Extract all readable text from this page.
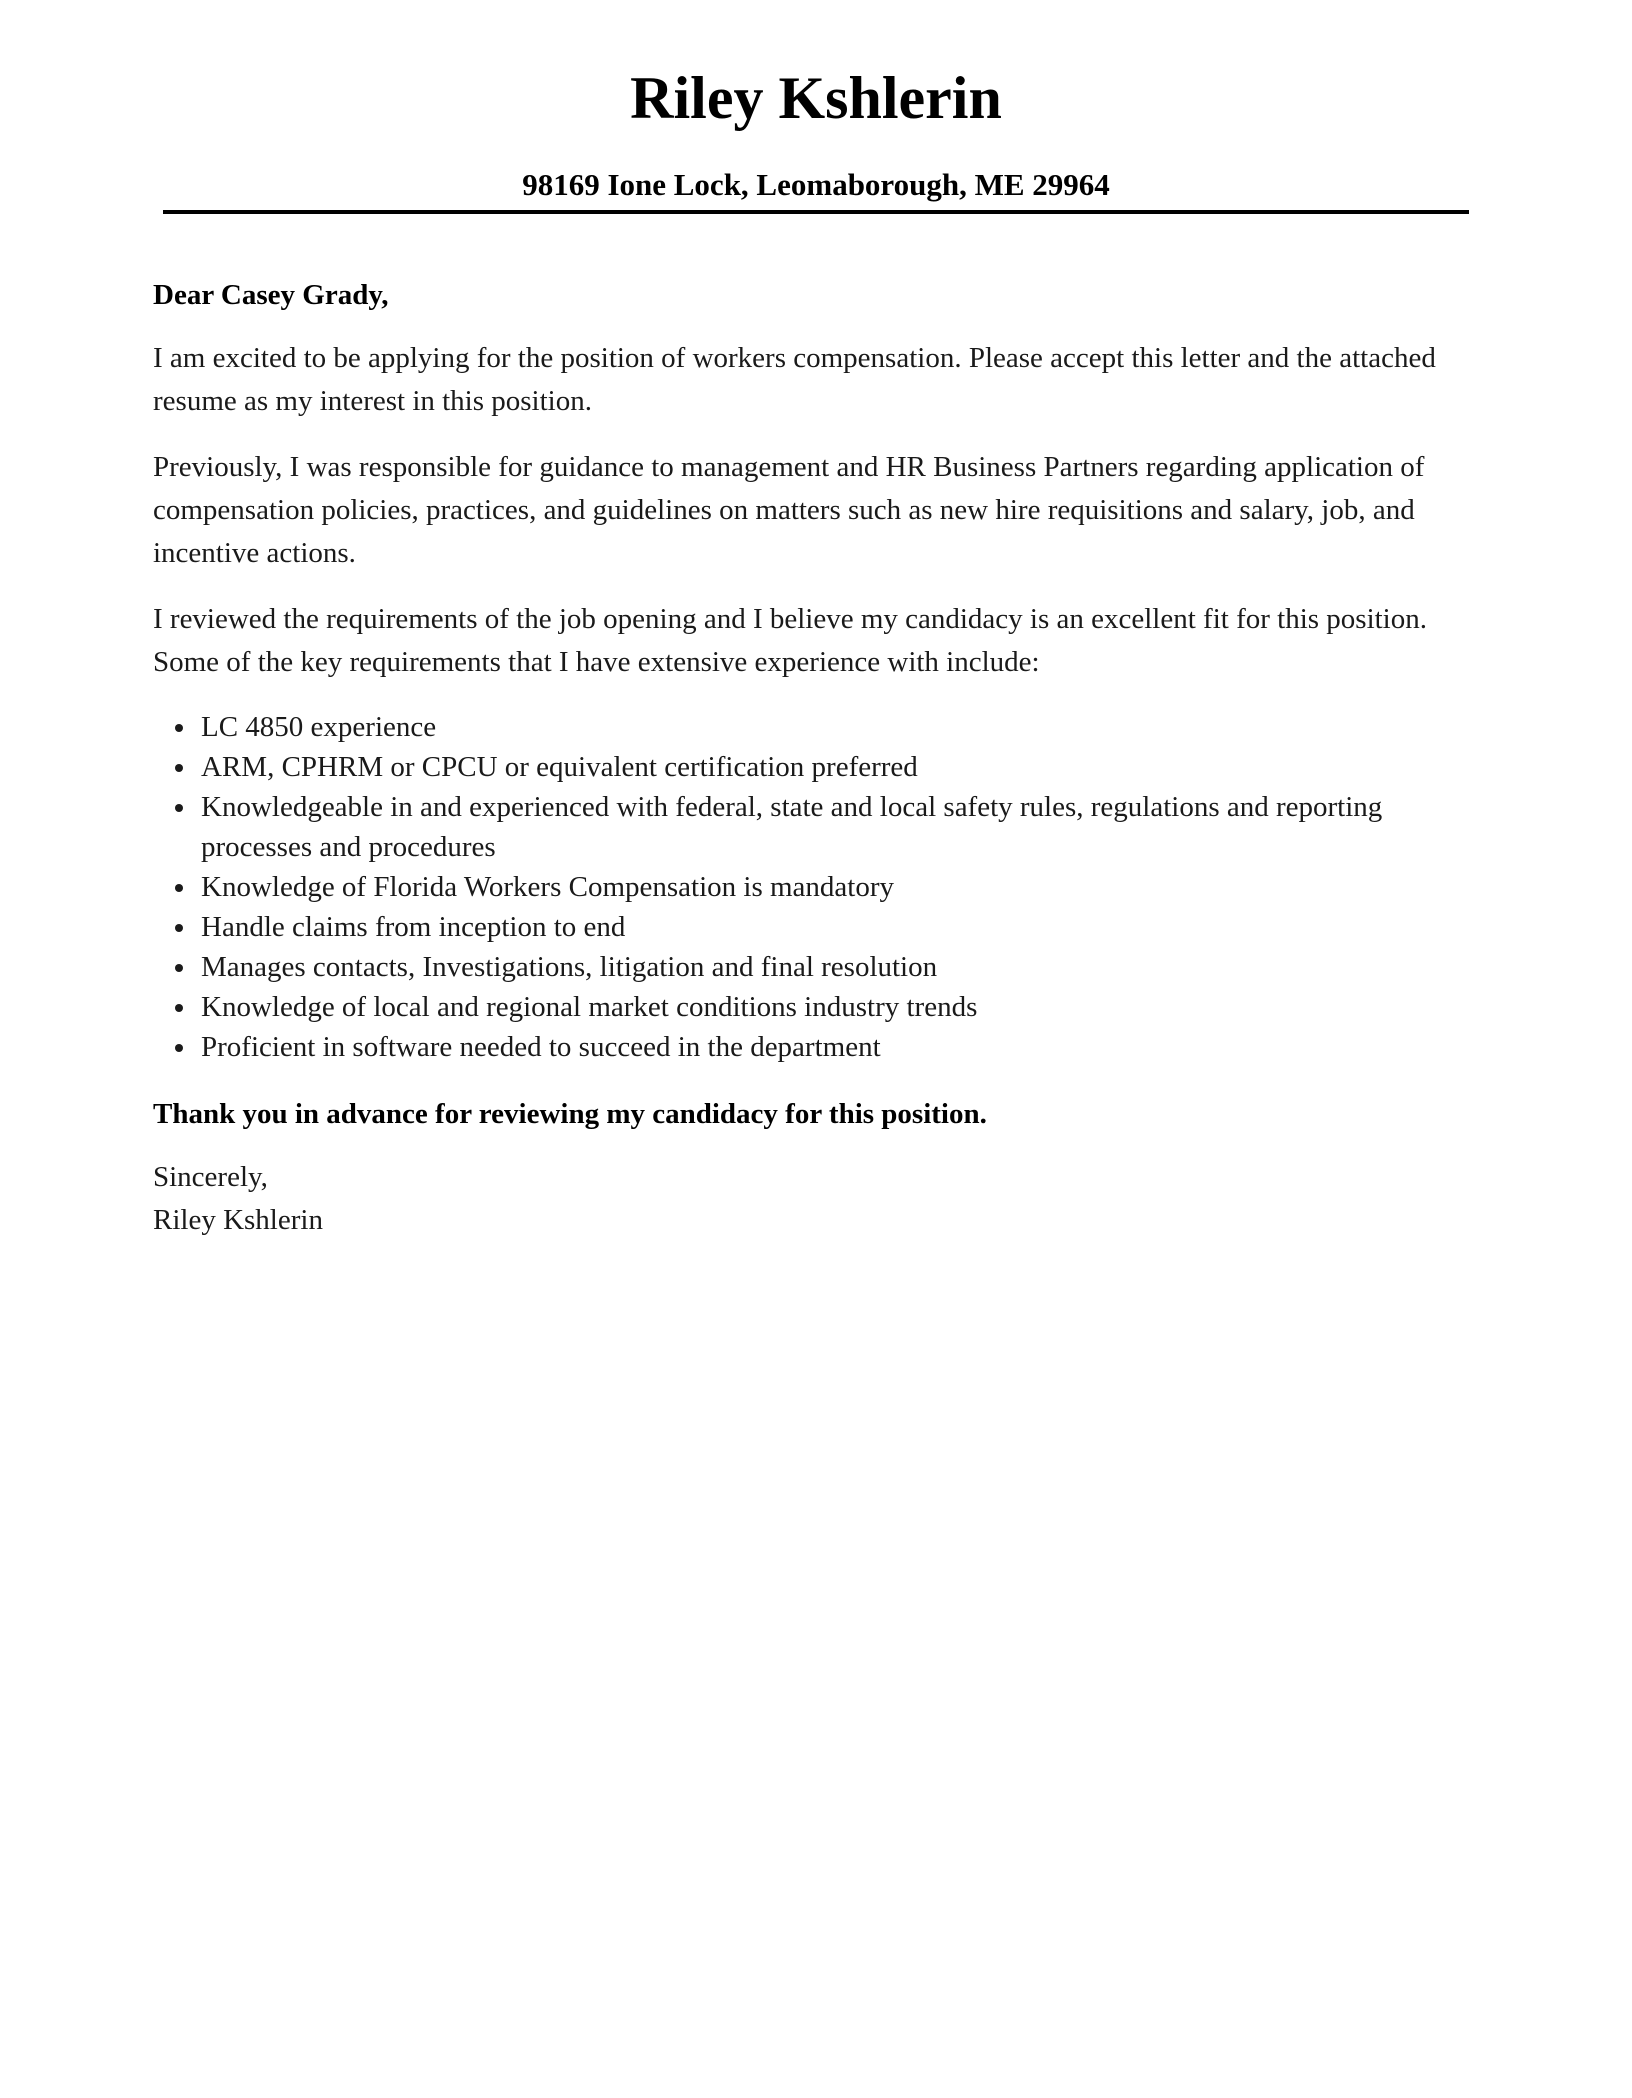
Riley Kshlerin
98169 Ione Lock, Leomaborough, ME 29964

Dear Casey Grady,

I am excited to be applying for the position of workers compensation. Please accept this letter and the attached resume as my interest in this position.

Previously, I was responsible for guidance to management and HR Business Partners regarding application of compensation policies, practices, and guidelines on matters such as new hire requisitions and salary, job, and incentive actions.

I reviewed the requirements of the job opening and I believe my candidacy is an excellent fit for this position. Some of the key requirements that I have extensive experience with include:

LC 4850 experience
ARM, CPHRM or CPCU or equivalent certification preferred
Knowledgeable in and experienced with federal, state and local safety rules, regulations and reporting processes and procedures
Knowledge of Florida Workers Compensation is mandatory
Handle claims from inception to end
Manages contacts, Investigations, litigation and final resolution
Knowledge of local and regional market conditions industry trends
Proficient in software needed to succeed in the department

Thank you in advance for reviewing my candidacy for this position.

Sincerely,

Riley Kshlerin
